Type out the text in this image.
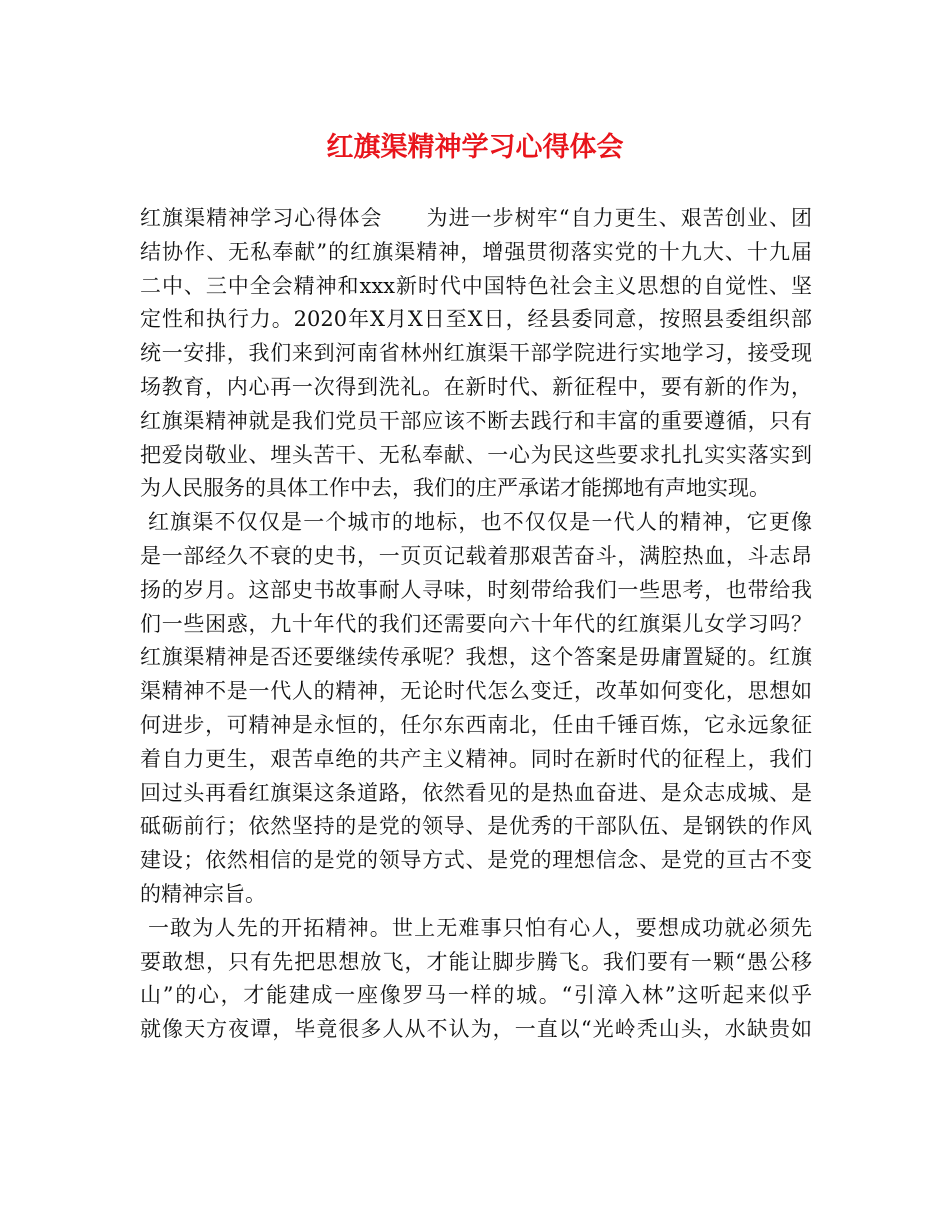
红旗渠精神学习心得体会
红旗渠精神学习心得体会　　为进一步树牢“自力更生、艰苦创业、团
结协作、无私奉献”的红旗渠精神，增强贯彻落实党的十九大、十九届
二中、三中全会精神和xxx新时代中国特色社会主义思想的自觉性、坚
定性和执行力。2020年X月X日至X日，经县委同意，按照县委组织部
统一安排，我们来到河南省林州红旗渠干部学院进行实地学习，接受现
场教育，内心再一次得到洗礼。在新时代、新征程中，要有新的作为，
红旗渠精神就是我们党员干部应该不断去践行和丰富的重要遵循，只有
把爱岗敬业、埋头苦干、无私奉献、一心为民这些要求扎扎实实落实到
为人民服务的具体工作中去，我们的庄严承诺才能掷地有声地实现。
红旗渠不仅仅是一个城市的地标，也不仅仅是一代人的精神，它更像
是一部经久不衰的史书，一页页记载着那艰苦奋斗，满腔热血，斗志昂
扬的岁月。这部史书故事耐人寻味，时刻带给我们一些思考，也带给我
们一些困惑，九十年代的我们还需要向六十年代的红旗渠儿女学习吗？
红旗渠精神是否还要继续传承呢？我想，这个答案是毋庸置疑的。红旗
渠精神不是一代人的精神，无论时代怎么变迁，改革如何变化，思想如
何进步，可精神是永恒的，任尔东西南北，任由千锤百炼，它永远象征
着自力更生，艰苦卓绝的共产主义精神。同时在新时代的征程上，我们
回过头再看红旗渠这条道路，依然看见的是热血奋进、是众志成城、是
砥砺前行；依然坚持的是党的领导、是优秀的干部队伍、是钢铁的作风
建设；依然相信的是党的领导方式、是党的理想信念、是党的亘古不变
的精神宗旨。
一敢为人先的开拓精神。世上无难事只怕有心人，要想成功就必须先
要敢想，只有先把思想放飞，才能让脚步腾飞。我们要有一颗“愚公移
山”的心，才能建成一座像罗马一样的城。“引漳入林”这听起来似乎
就像天方夜谭，毕竟很多人从不认为，一直以“光岭秃山头，水缺贵如
